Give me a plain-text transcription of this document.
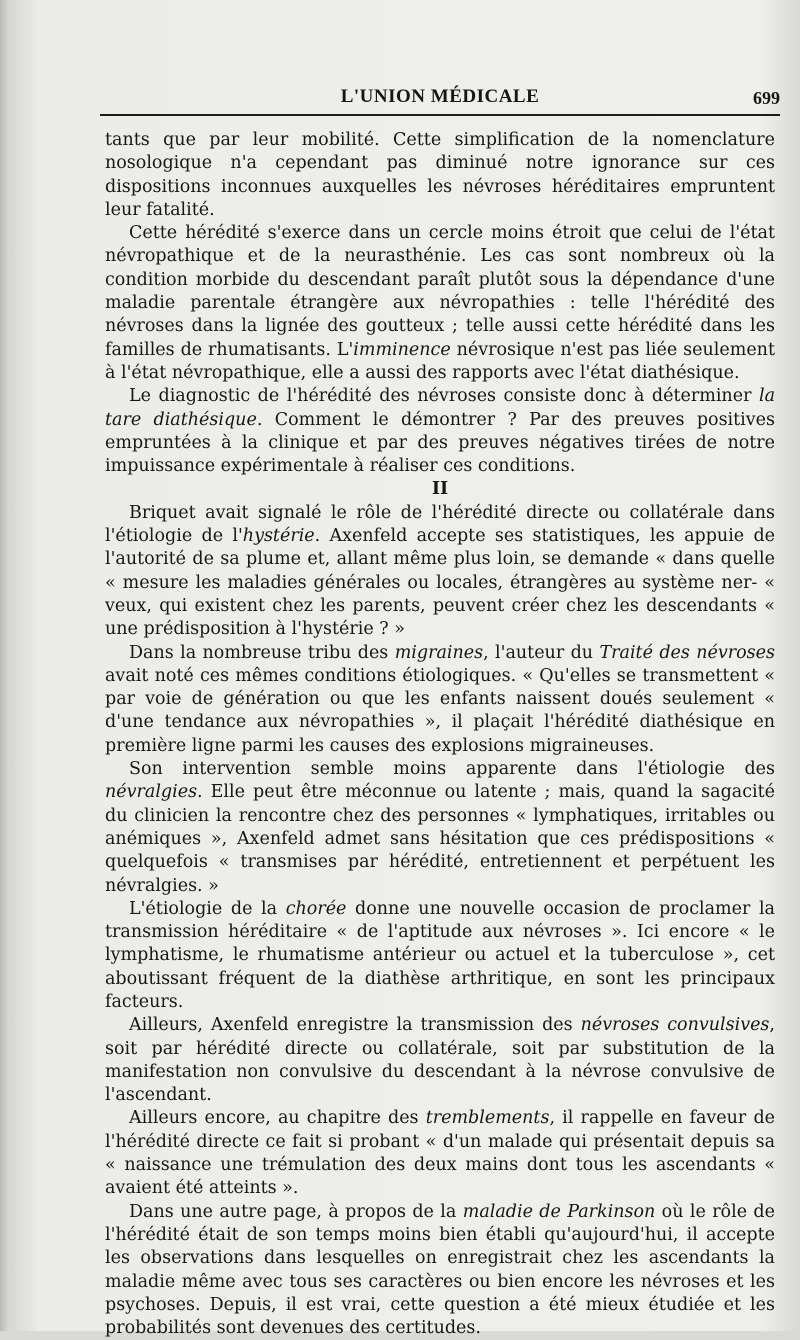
L'UNION MÉDICALE	699

tants que par leur mobilité. Cette simplification de la nomenclature nosologique n'a cependant pas diminué notre ignorance sur ces dispositions inconnues auxquelles les névroses héréditaires empruntent leur fatalité.

Cette hérédité s'exerce dans un cercle moins étroit que celui de l'état névropathique et de la neurasthénie. Les cas sont nombreux où la condition morbide du descendant paraît plutôt sous la dépendance d'une maladie parentale étrangère aux névropathies : telle l'hérédité des névroses dans la lignée des goutteux ; telle aussi cette hérédité dans les familles de rhumatisants. L'imminence névrosique n'est pas liée seulement à l'état névropathique, elle a aussi des rapports avec l'état diathésique.

Le diagnostic de l'hérédité des névroses consiste donc à déterminer la tare diathésique. Comment le démontrer ? Par des preuves positives empruntées à la clinique et par des preuves négatives tirées de notre impuissance expérimentale à réaliser ces conditions.

II

Briquet avait signalé le rôle de l'hérédité directe ou collatérale dans l'étiologie de l'hystérie. Axenfeld accepte ses statistiques, les appuie de l'autorité de sa plume et, allant même plus loin, se demande « dans quelle « mesure les maladies générales ou locales, étrangères au système ner- « veux, qui existent chez les parents, peuvent créer chez les descendants « une prédisposition à l'hystérie ? »

Dans la nombreuse tribu des migraines, l'auteur du Traité des névroses avait noté ces mêmes conditions étiologiques. « Qu'elles se transmettent « par voie de génération ou que les enfants naissent doués seulement « d'une tendance aux névropathies », il plaçait l'hérédité diathésique en première ligne parmi les causes des explosions migraineuses.

Son intervention semble moins apparente dans l'étiologie des névralgies. Elle peut être méconnue ou latente ; mais, quand la sagacité du clinicien la rencontre chez des personnes « lymphatiques, irritables ou anémiques », Axenfeld admet sans hésitation que ces prédispositions « quelquefois « transmises par hérédité, entretiennent et perpétuent les névralgies. »

L'étiologie de la chorée donne une nouvelle occasion de proclamer la transmission héréditaire « de l'aptitude aux névroses ». Ici encore « le lymphatisme, le rhumatisme antérieur ou actuel et la tuberculose », cet aboutissant fréquent de la diathèse arthritique, en sont les principaux facteurs.

Ailleurs, Axenfeld enregistre la transmission des névroses convulsives, soit par hérédité directe ou collatérale, soit par substitution de la manifestation non convulsive du descendant à la névrose convulsive de l'ascendant.

Ailleurs encore, au chapitre des tremblements, il rappelle en faveur de l'hérédité directe ce fait si probant « d'un malade qui présentait depuis sa « naissance une trémulation des deux mains dont tous les ascendants « avaient été atteints ».

Dans une autre page, à propos de la maladie de Parkinson où le rôle de l'hérédité était de son temps moins bien établi qu'aujourd'hui, il accepte les observations dans lesquelles on enregistrait chez les ascendants la maladie même avec tous ses caractères ou bien encore les névroses et les psychoses. Depuis, il est vrai, cette question a été mieux étudiée et les probabilités sont devenues des certitudes.
